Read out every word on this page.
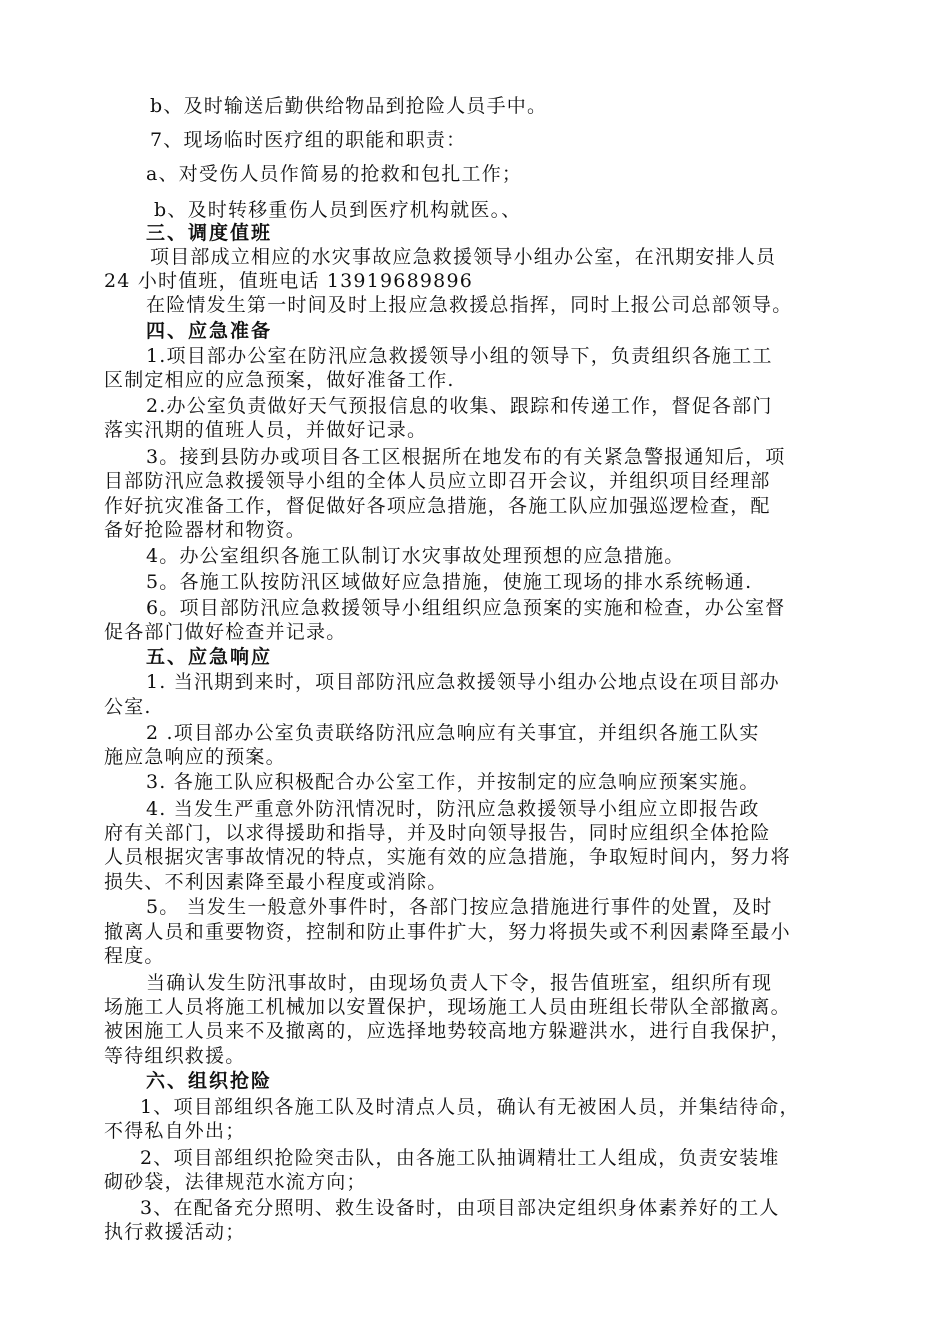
b、及时输送后勤供给物品到抢险人员手中。
7、现场临时医疗组的职能和职责：
a、对受伤人员作简易的抢救和包扎工作；
b、及时转移重伤人员到医疗机构就医。、
三、调度值班
项目部成立相应的水灾事故应急救援领导小组办公室，在汛期安排人员
24 小时值班，值班电话 13919689896
在险情发生第一时间及时上报应急救援总指挥，同时上报公司总部领导。
四、应急准备
1.项目部办公室在防汛应急救援领导小组的领导下，负责组织各施工工
区制定相应的应急预案，做好准备工作.
2.办公室负责做好天气预报信息的收集、跟踪和传递工作，督促各部门
落实汛期的值班人员，并做好记录。
3。接到县防办或项目各工区根据所在地发布的有关紧急警报通知后，项
目部防汛应急救援领导小组的全体人员应立即召开会议，并组织项目经理部
作好抗灾准备工作，督促做好各项应急措施，各施工队应加强巡逻检查，配
备好抢险器材和物资。
4。办公室组织各施工队制订水灾事故处理预想的应急措施。
5。各施工队按防汛区域做好应急措施，使施工现场的排水系统畅通.
6。项目部防汛应急救援领导小组组织应急预案的实施和检查，办公室督
促各部门做好检查并记录。
五、应急响应
1. 当汛期到来时，项目部防汛应急救援领导小组办公地点设在项目部办
公室.
2 .项目部办公室负责联络防汛应急响应有关事宜，并组织各施工队实
施应急响应的预案。
3. 各施工队应积极配合办公室工作，并按制定的应急响应预案实施。
4. 当发生严重意外防汛情况时，防汛应急救援领导小组应立即报告政
府有关部门，以求得援助和指导，并及时向领导报告，同时应组织全体抢险
人员根据灾害事故情况的特点，实施有效的应急措施，争取短时间内，努力将
损失、不利因素降至最小程度或消除。
5。 当发生一般意外事件时，各部门按应急措施进行事件的处置，及时
撤离人员和重要物资，控制和防止事件扩大，努力将损失或不利因素降至最小
程度。
当确认发生防汛事故时，由现场负责人下令，报告值班室，组织所有现
场施工人员将施工机械加以安置保护，现场施工人员由班组长带队全部撤离。
被困施工人员来不及撤离的，应选择地势较高地方躲避洪水，进行自我保护，
等待组织救援。
六、组织抢险
1、项目部组织各施工队及时清点人员，确认有无被困人员，并集结待命，
不得私自外出；
2、项目部组织抢险突击队，由各施工队抽调精壮工人组成，负责安装堆
砌砂袋，法律规范水流方向；
3、在配备充分照明、救生设备时，由项目部决定组织身体素养好的工人
执行救援活动；
